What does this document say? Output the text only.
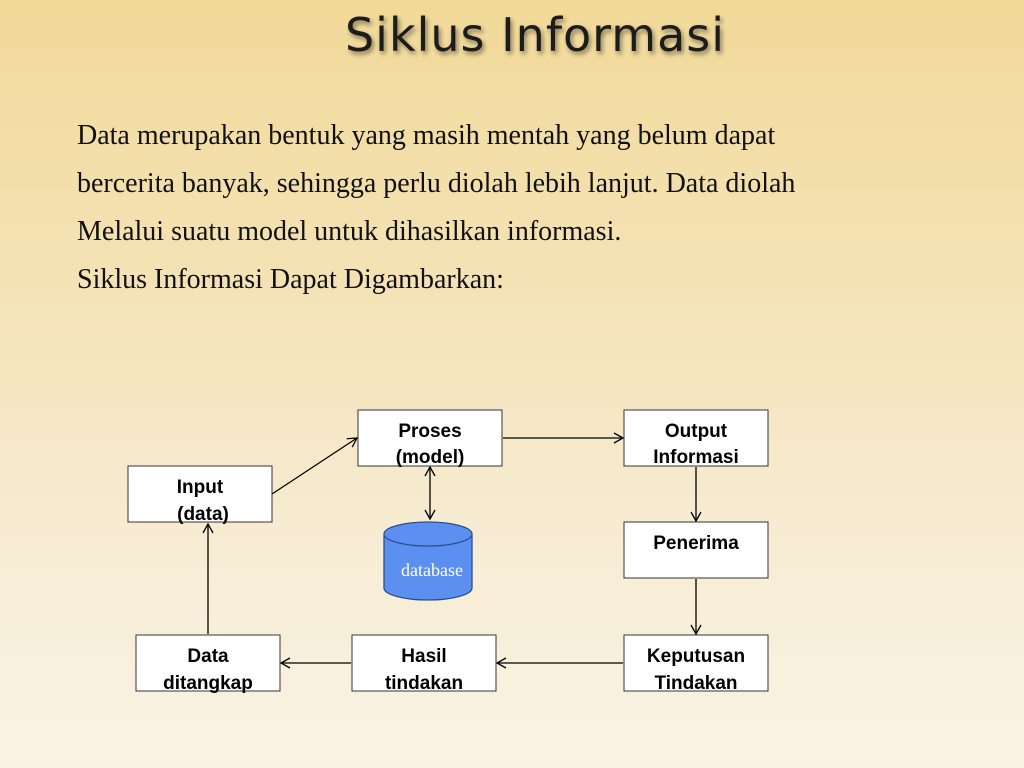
Siklus Informasi

Data merupakan bentuk yang masih mentah yang belum dapat

bercerita banyak, sehingga perlu diolah lebih lanjut. Data diolah

Melalui suatu model untuk dihasilkan informasi.

Siklus Informasi Dapat Digambarkan:

Input
(data)
Proses
(model)
Output
Informasi
Penerima
Keputusan
Tindakan
Hasil
tindakan
Data
ditangkap
database
